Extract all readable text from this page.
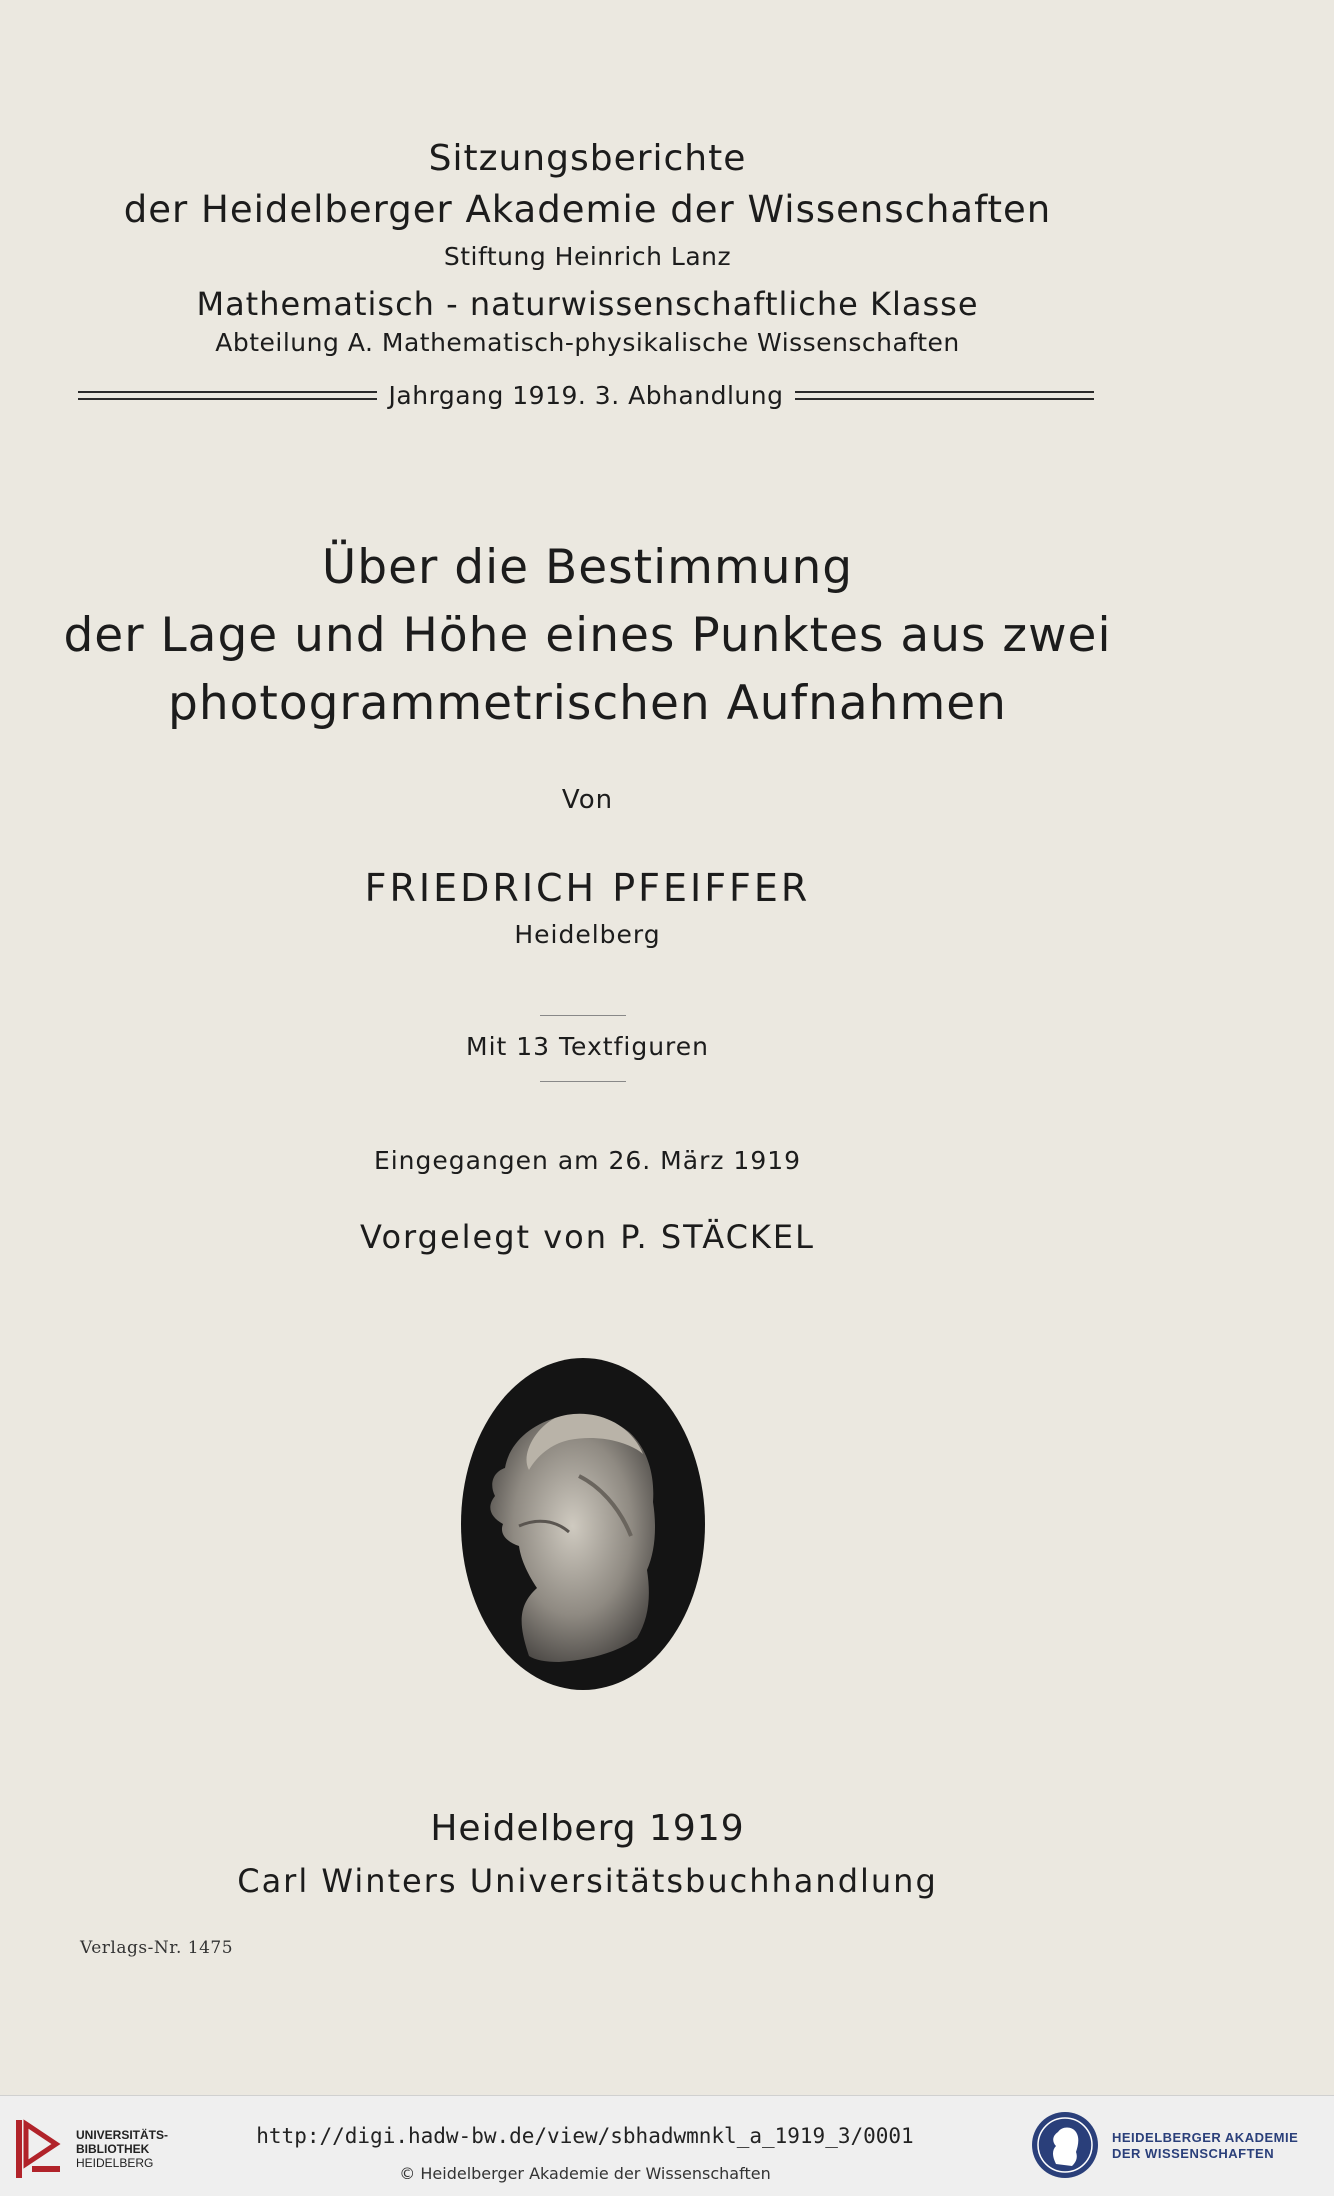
Sitzungsberichte
der Heidelberger Akademie der Wissenschaften
Stiftung Heinrich Lanz
Mathematisch - naturwissenschaftliche Klasse
Abteilung A. Mathematisch-physikalische Wissenschaften
Jahrgang 1919. 3. Abhandlung
Über die Bestimmung
der Lage und Höhe eines Punktes aus zwei
photogrammetrischen Aufnahmen
Von
FRIEDRICH PFEIFFER
Heidelberg
Mit 13 Textfiguren
Eingegangen am 26. März 1919
Vorgelegt von P. STÄCKEL
Heidelberg 1919
Carl Winters Universitätsbuchhandlung
Verlags-Nr. 1475
UNIVERSITÄTS-
BIBLIOTHEK
HEIDELBERG
http://digi.hadw-bw.de/view/sbhadwmnkl_a_1919_3/0001
© Heidelberger Akademie der Wissenschaften
HEIDELBERGER AKADEMIE
DER WISSENSCHAFTEN
